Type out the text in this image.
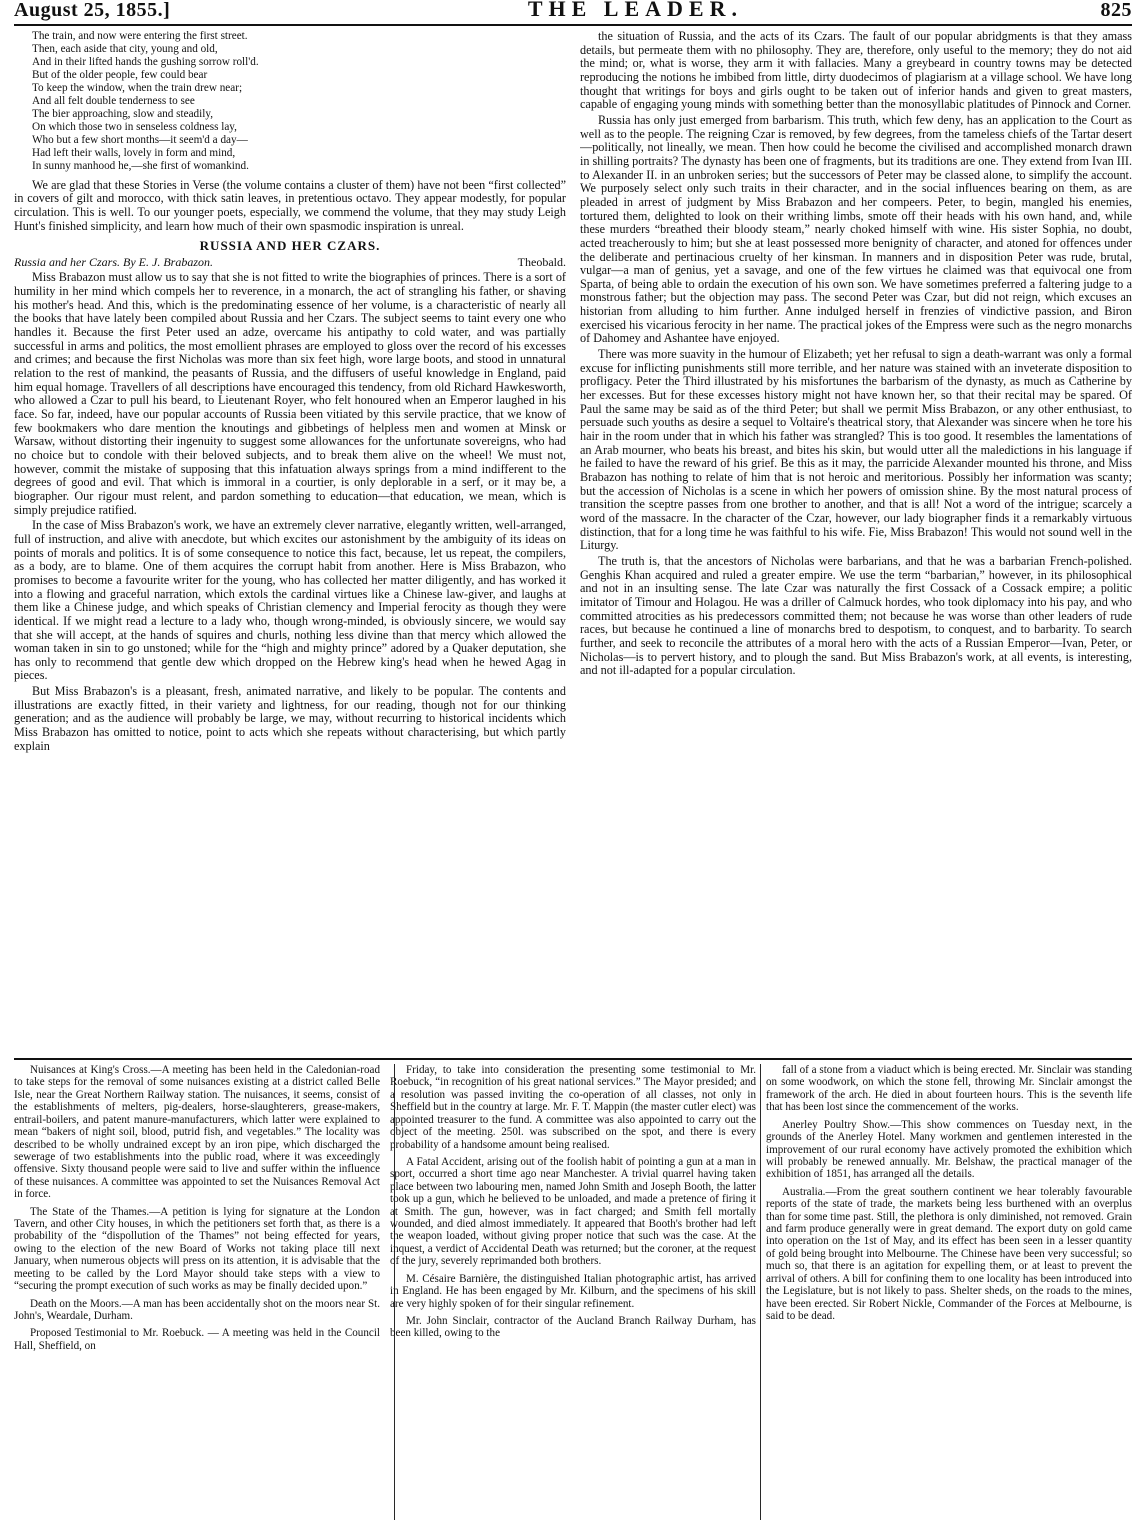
August 25, 1855.]	THE LEADER.	825
The train, and now were entering the first street.
Then, each aside that city, young and old,
And in their lifted hands the gushing sorrow roll'd.
But of the older people, few could bear
To keep the window, when the train drew near;
And all felt double tenderness to see
The bier approaching, slow and steadily,
On which those two in senseless coldness lay,
Who but a few short months—it seem'd a day—
Had left their walls, lovely in form and mind,
In sunny manhood he,—she first of womankind.

We are glad that these Stories in Verse (the volume contains a cluster of them) have not been “first collected” in covers of gilt and morocco, with thick satin leaves, in pretentious octavo. They appear modestly, for popular circulation. This is well. To our younger poets, especially, we commend the volume, that they may study Leigh Hunt's finished simplicity, and learn how much of their own spasmodic inspiration is unreal.

RUSSIA AND HER CZARS.
Russia and her Czars. By E. J. Brabazon.	Theobald.

Miss Brabazon must allow us to say that she is not fitted to write the biographies of princes. There is a sort of humility in her mind which compels her to reverence, in a monarch, the act of strangling his father, or shaving his mother's head. And this, which is the predominating essence of her volume, is a characteristic of nearly all the books that have lately been compiled about Russia and her Czars. The subject seems to taint every one who handles it. Because the first Peter used an adze, overcame his antipathy to cold water, and was partially successful in arms and politics, the most emollient phrases are employed to gloss over the record of his excesses and crimes; and because the first Nicholas was more than six feet high, wore large boots, and stood in unnatural relation to the rest of mankind, the peasants of Russia, and the diffusers of useful knowledge in England, paid him equal homage. Travellers of all descriptions have encouraged this tendency, from old Richard Hawkesworth, who allowed a Czar to pull his beard, to Lieutenant Royer, who felt honoured when an Emperor laughed in his face. So far, indeed, have our popular accounts of Russia been vitiated by this servile practice, that we know of few bookmakers who dare mention the knoutings and gibbetings of helpless men and women at Minsk or Warsaw, without distorting their ingenuity to suggest some allowances for the unfortunate sovereigns, who had no choice but to condole with their beloved subjects, and to break them alive on the wheel! We must not, however, commit the mistake of supposing that this infatuation always springs from a mind indifferent to the degrees of good and evil. That which is immoral in a courtier, is only deplorable in a serf, or it may be, a biographer. Our rigour must relent, and pardon something to education—that education, we mean, which is simply prejudice ratified.

In the case of Miss Brabazon's work, we have an extremely clever narrative, elegantly written, well-arranged, full of instruction, and alive with anecdote, but which excites our astonishment by the ambiguity of its ideas on points of morals and politics. It is of some consequence to notice this fact, because, let us repeat, the compilers, as a body, are to blame. One of them acquires the corrupt habit from another. Here is Miss Brabazon, who promises to become a favourite writer for the young, who has collected her matter diligently, and has worked it into a flowing and graceful narration, which extols the cardinal virtues like a Chinese law-giver, and laughs at them like a Chinese judge, and which speaks of Christian clemency and Imperial ferocity as though they were identical. If we might read a lecture to a lady who, though wrong-minded, is obviously sincere, we would say that she will accept, at the hands of squires and churls, nothing less divine than that mercy which allowed the woman taken in sin to go unstoned; while for the “high and mighty prince” adored by a Quaker deputation, she has only to recommend that gentle dew which dropped on the Hebrew king's head when he hewed Agag in pieces.

But Miss Brabazon's is a pleasant, fresh, animated narrative, and likely to be popular. The contents and illustrations are exactly fitted, in their variety and lightness, for our reading, though not for our thinking generation; and as the audience will probably be large, we may, without recurring to historical incidents which Miss Brabazon has omitted to notice, point to acts which she repeats without characterising, but which partly explain

the situation of Russia, and the acts of its Czars. The fault of our popular abridgments is that they amass details, but permeate them with no philosophy. They are, therefore, only useful to the memory; they do not aid the mind; or, what is worse, they arm it with fallacies. Many a greybeard in country towns may be detected reproducing the notions he imbibed from little, dirty duodecimos of plagiarism at a village school. We have long thought that writings for boys and girls ought to be taken out of inferior hands and given to great masters, capable of engaging young minds with something better than the monosyllabic platitudes of Pinnock and Corner.

Russia has only just emerged from barbarism. This truth, which few deny, has an application to the Court as well as to the people. The reigning Czar is removed, by few degrees, from the tameless chiefs of the Tartar desert—politically, not lineally, we mean. Then how could he become the civilised and accomplished monarch drawn in shilling portraits? The dynasty has been one of fragments, but its traditions are one. They extend from Ivan III. to Alexander II. in an unbroken series; but the successors of Peter may be classed alone, to simplify the account. We purposely select only such traits in their character, and in the social influences bearing on them, as are pleaded in arrest of judgment by Miss Brabazon and her compeers. Peter, to begin, mangled his enemies, tortured them, delighted to look on their writhing limbs, smote off their heads with his own hand, and, while these murders “breathed their bloody steam,” nearly choked himself with wine. His sister Sophia, no doubt, acted treacherously to him; but she at least possessed more benignity of character, and atoned for offences under the deliberate and pertinacious cruelty of her kinsman. In manners and in disposition Peter was rude, brutal, vulgar—a man of genius, yet a savage, and one of the few virtues he claimed was that equivocal one from Sparta, of being able to ordain the execution of his own son. We have sometimes preferred a faltering judge to a monstrous father; but the objection may pass. The second Peter was Czar, but did not reign, which excuses an historian from alluding to him further. Anne indulged herself in frenzies of vindictive passion, and Biron exercised his vicarious ferocity in her name. The practical jokes of the Empress were such as the negro monarchs of Dahomey and Ashantee have enjoyed.

There was more suavity in the humour of Elizabeth; yet her refusal to sign a death-warrant was only a formal excuse for inflicting punishments still more terrible, and her nature was stained with an inveterate disposition to profligacy. Peter the Third illustrated by his misfortunes the barbarism of the dynasty, as much as Catherine by her excesses. But for these excesses history might not have known her, so that their recital may be spared. Of Paul the same may be said as of the third Peter; but shall we permit Miss Brabazon, or any other enthusiast, to persuade such youths as desire a sequel to Voltaire's theatrical story, that Alexander was sincere when he tore his hair in the room under that in which his father was strangled? This is too good. It resembles the lamentations of an Arab mourner, who beats his breast, and bites his skin, but would utter all the maledictions in his language if he failed to have the reward of his grief. Be this as it may, the parricide Alexander mounted his throne, and Miss Brabazon has nothing to relate of him that is not heroic and meritorious. Possibly her information was scanty; but the accession of Nicholas is a scene in which her powers of omission shine. By the most natural process of transition the sceptre passes from one brother to another, and that is all! Not a word of the intrigue; scarcely a word of the massacre. In the character of the Czar, however, our lady biographer finds it a remarkably virtuous distinction, that for a long time he was faithful to his wife. Fie, Miss Brabazon! This would not sound well in the Liturgy.

The truth is, that the ancestors of Nicholas were barbarians, and that he was a barbarian French-polished. Genghis Khan acquired and ruled a greater empire. We use the term “barbarian,” however, in its philosophical and not in an insulting sense. The late Czar was naturally the first Cossack of a Cossack empire; a politic imitator of Timour and Holagou. He was a driller of Calmuck hordes, who took diplomacy into his pay, and who committed atrocities as his predecessors committed them; not because he was worse than other leaders of rude races, but because he continued a line of monarchs bred to despotism, to conquest, and to barbarity. To search further, and seek to reconcile the attributes of a moral hero with the acts of a Russian Emperor—Ivan, Peter, or Nicholas—is to pervert history, and to plough the sand. But Miss Brabazon's work, at all events, is interesting, and not ill-adapted for a popular circulation.

Nuisances at King's Cross.—A meeting has been held in the Caledonian-road to take steps for the removal of some nuisances existing at a district called Belle Isle, near the Great Northern Railway station. The nuisances, it seems, consist of the establishments of melters, pig-dealers, horse-slaughterers, grease-makers, entrail-boilers, and patent manure-manufacturers, which latter were explained to mean “bakers of night soil, blood, putrid fish, and vegetables.” The locality was described to be wholly undrained except by an iron pipe, which discharged the sewerage of two establishments into the public road, where it was exceedingly offensive. Sixty thousand people were said to live and suffer within the influence of these nuisances. A committee was appointed to set the Nuisances Removal Act in force.

The State of the Thames.—A petition is lying for signature at the London Tavern, and other City houses, in which the petitioners set forth that, as there is a probability of the “dispollution of the Thames” not being effected for years, owing to the election of the new Board of Works not taking place till next January, when numerous objects will press on its attention, it is advisable that the meeting to be called by the Lord Mayor should take steps with a view to “securing the prompt execution of such works as may be finally decided upon.”

Death on the Moors.—A man has been accidentally shot on the moors near St. John's, Weardale, Durham.

Proposed Testimonial to Mr. Roebuck. — A meeting was held in the Council Hall, Sheffield, on

Friday, to take into consideration the presenting some testimonial to Mr. Roebuck, “in recognition of his great national services.” The Mayor presided; and a resolution was passed inviting the co-operation of all classes, not only in Sheffield but in the country at large. Mr. F. T. Mappin (the master cutler elect) was appointed treasurer to the fund. A committee was also appointed to carry out the object of the meeting. 250l. was subscribed on the spot, and there is every probability of a handsome amount being realised.

A Fatal Accident, arising out of the foolish habit of pointing a gun at a man in sport, occurred a short time ago near Manchester. A trivial quarrel having taken place between two labouring men, named John Smith and Joseph Booth, the latter took up a gun, which he believed to be unloaded, and made a pretence of firing it at Smith. The gun, however, was in fact charged; and Smith fell mortally wounded, and died almost immediately. It appeared that Booth's brother had left the weapon loaded, without giving proper notice that such was the case. At the inquest, a verdict of Accidental Death was returned; but the coroner, at the request of the jury, severely reprimanded both brothers.

M. Césaire Barnière, the distinguished Italian photographic artist, has arrived in England. He has been engaged by Mr. Kilburn, and the specimens of his skill are very highly spoken of for their singular refinement.

Mr. John Sinclair, contractor of the Aucland Branch Railway Durham, has been killed, owing to the

fall of a stone from a viaduct which is being erected. Mr. Sinclair was standing on some woodwork, on which the stone fell, throwing Mr. Sinclair amongst the framework of the arch. He died in about fourteen hours. This is the seventh life that has been lost since the commencement of the works.

Anerley Poultry Show.—This show commences on Tuesday next, in the grounds of the Anerley Hotel. Many workmen and gentlemen interested in the improvement of our rural economy have actively promoted the exhibition which will probably be renewed annually. Mr. Belshaw, the practical manager of the exhibition of 1851, has arranged all the details.

Australia.—From the great southern continent we hear tolerably favourable reports of the state of trade, the markets being less burthened with an overplus than for some time past. Still, the plethora is only diminished, not removed. Grain and farm produce generally were in great demand. The export duty on gold came into operation on the 1st of May, and its effect has been seen in a lesser quantity of gold being brought into Melbourne. The Chinese have been very successful; so much so, that there is an agitation for expelling them, or at least to prevent the arrival of others. A bill for confining them to one locality has been introduced into the Legislature, but is not likely to pass. Shelter sheds, on the roads to the mines, have been erected. Sir Robert Nickle, Commander of the Forces at Melbourne, is said to be dead.
